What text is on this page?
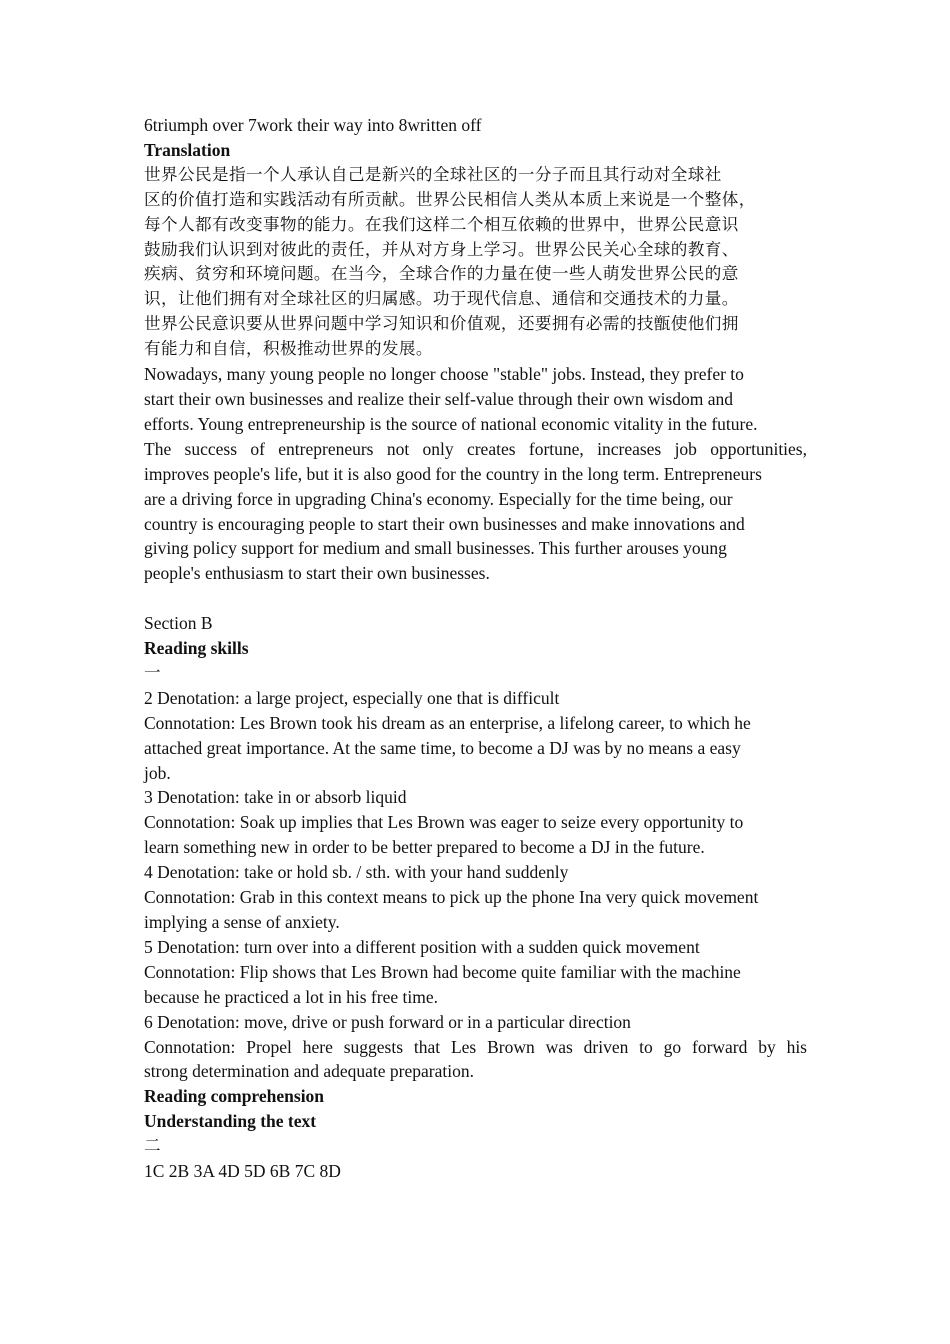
6triumph over 7work their way into 8written off
Translation
世界公民是指一个人承认自己是新兴的全球社区的一分子而且其行动对全球社
区的价值打造和实践活动有所贡献。世界公民相信人类从本质上来说是一个整体，
每个人都有改变事物的能力。在我们这样二个相互依赖的世界中，世界公民意识
鼓励我们认识到对彼此的责任，并从对方身上学习。世界公民关心全球的教育、
疾病、贫穷和环境问题。在当今，全球合作的力量在使一些人萌发世界公民的意
识，让他们拥有对全球社区的归属感。功于现代信息、通信和交通技术的力量。
世界公民意识要从世界问题中学习知识和价值观，还要拥有必需的技甑使他们拥
有能力和自信，积极推动世界的发展。
Nowadays, many young people no longer choose "stable" jobs. Instead, they prefer to
start their own businesses and realize their self-value through their own wisdom and
efforts. Young entrepreneurship is the source of national economic vitality in the future.
The success of entrepreneurs not only creates fortune, increases job opportunities,
improves people's life, but it is also good for the country in the long term. Entrepreneurs
are a driving force in upgrading China's economy. Especially for the time being, our
country is encouraging people to start their own businesses and make innovations and
giving policy support for medium and small businesses. This further arouses young
people's enthusiasm to start their own businesses.
Section B
Reading skills
一
2 Denotation: a large project, especially one that is difficult
Connotation: Les Brown took his dream as an enterprise, a lifelong career, to which he
attached great importance. At the same time, to become a DJ was by no means a easy
job.
3 Denotation: take in or absorb liquid
Connotation: Soak up implies that Les Brown was eager to seize every opportunity to
learn something new in order to be better prepared to become a DJ in the future.
4 Denotation: take or hold sb. / sth. with your hand suddenly
Connotation: Grab in this context means to pick up the phone Ina very quick movement
implying a sense of anxiety.
5 Denotation: turn over into a different position with a sudden quick movement
Connotation: Flip shows that Les Brown had become quite familiar with the machine
because he practiced a lot in his free time.
6 Denotation: move, drive or push forward or in a particular direction
Connotation: Propel here suggests that Les Brown was driven to go forward by his
strong determination and adequate preparation.
Reading comprehension
Understanding the text
二
1C 2B 3A 4D 5D 6B 7C 8D
